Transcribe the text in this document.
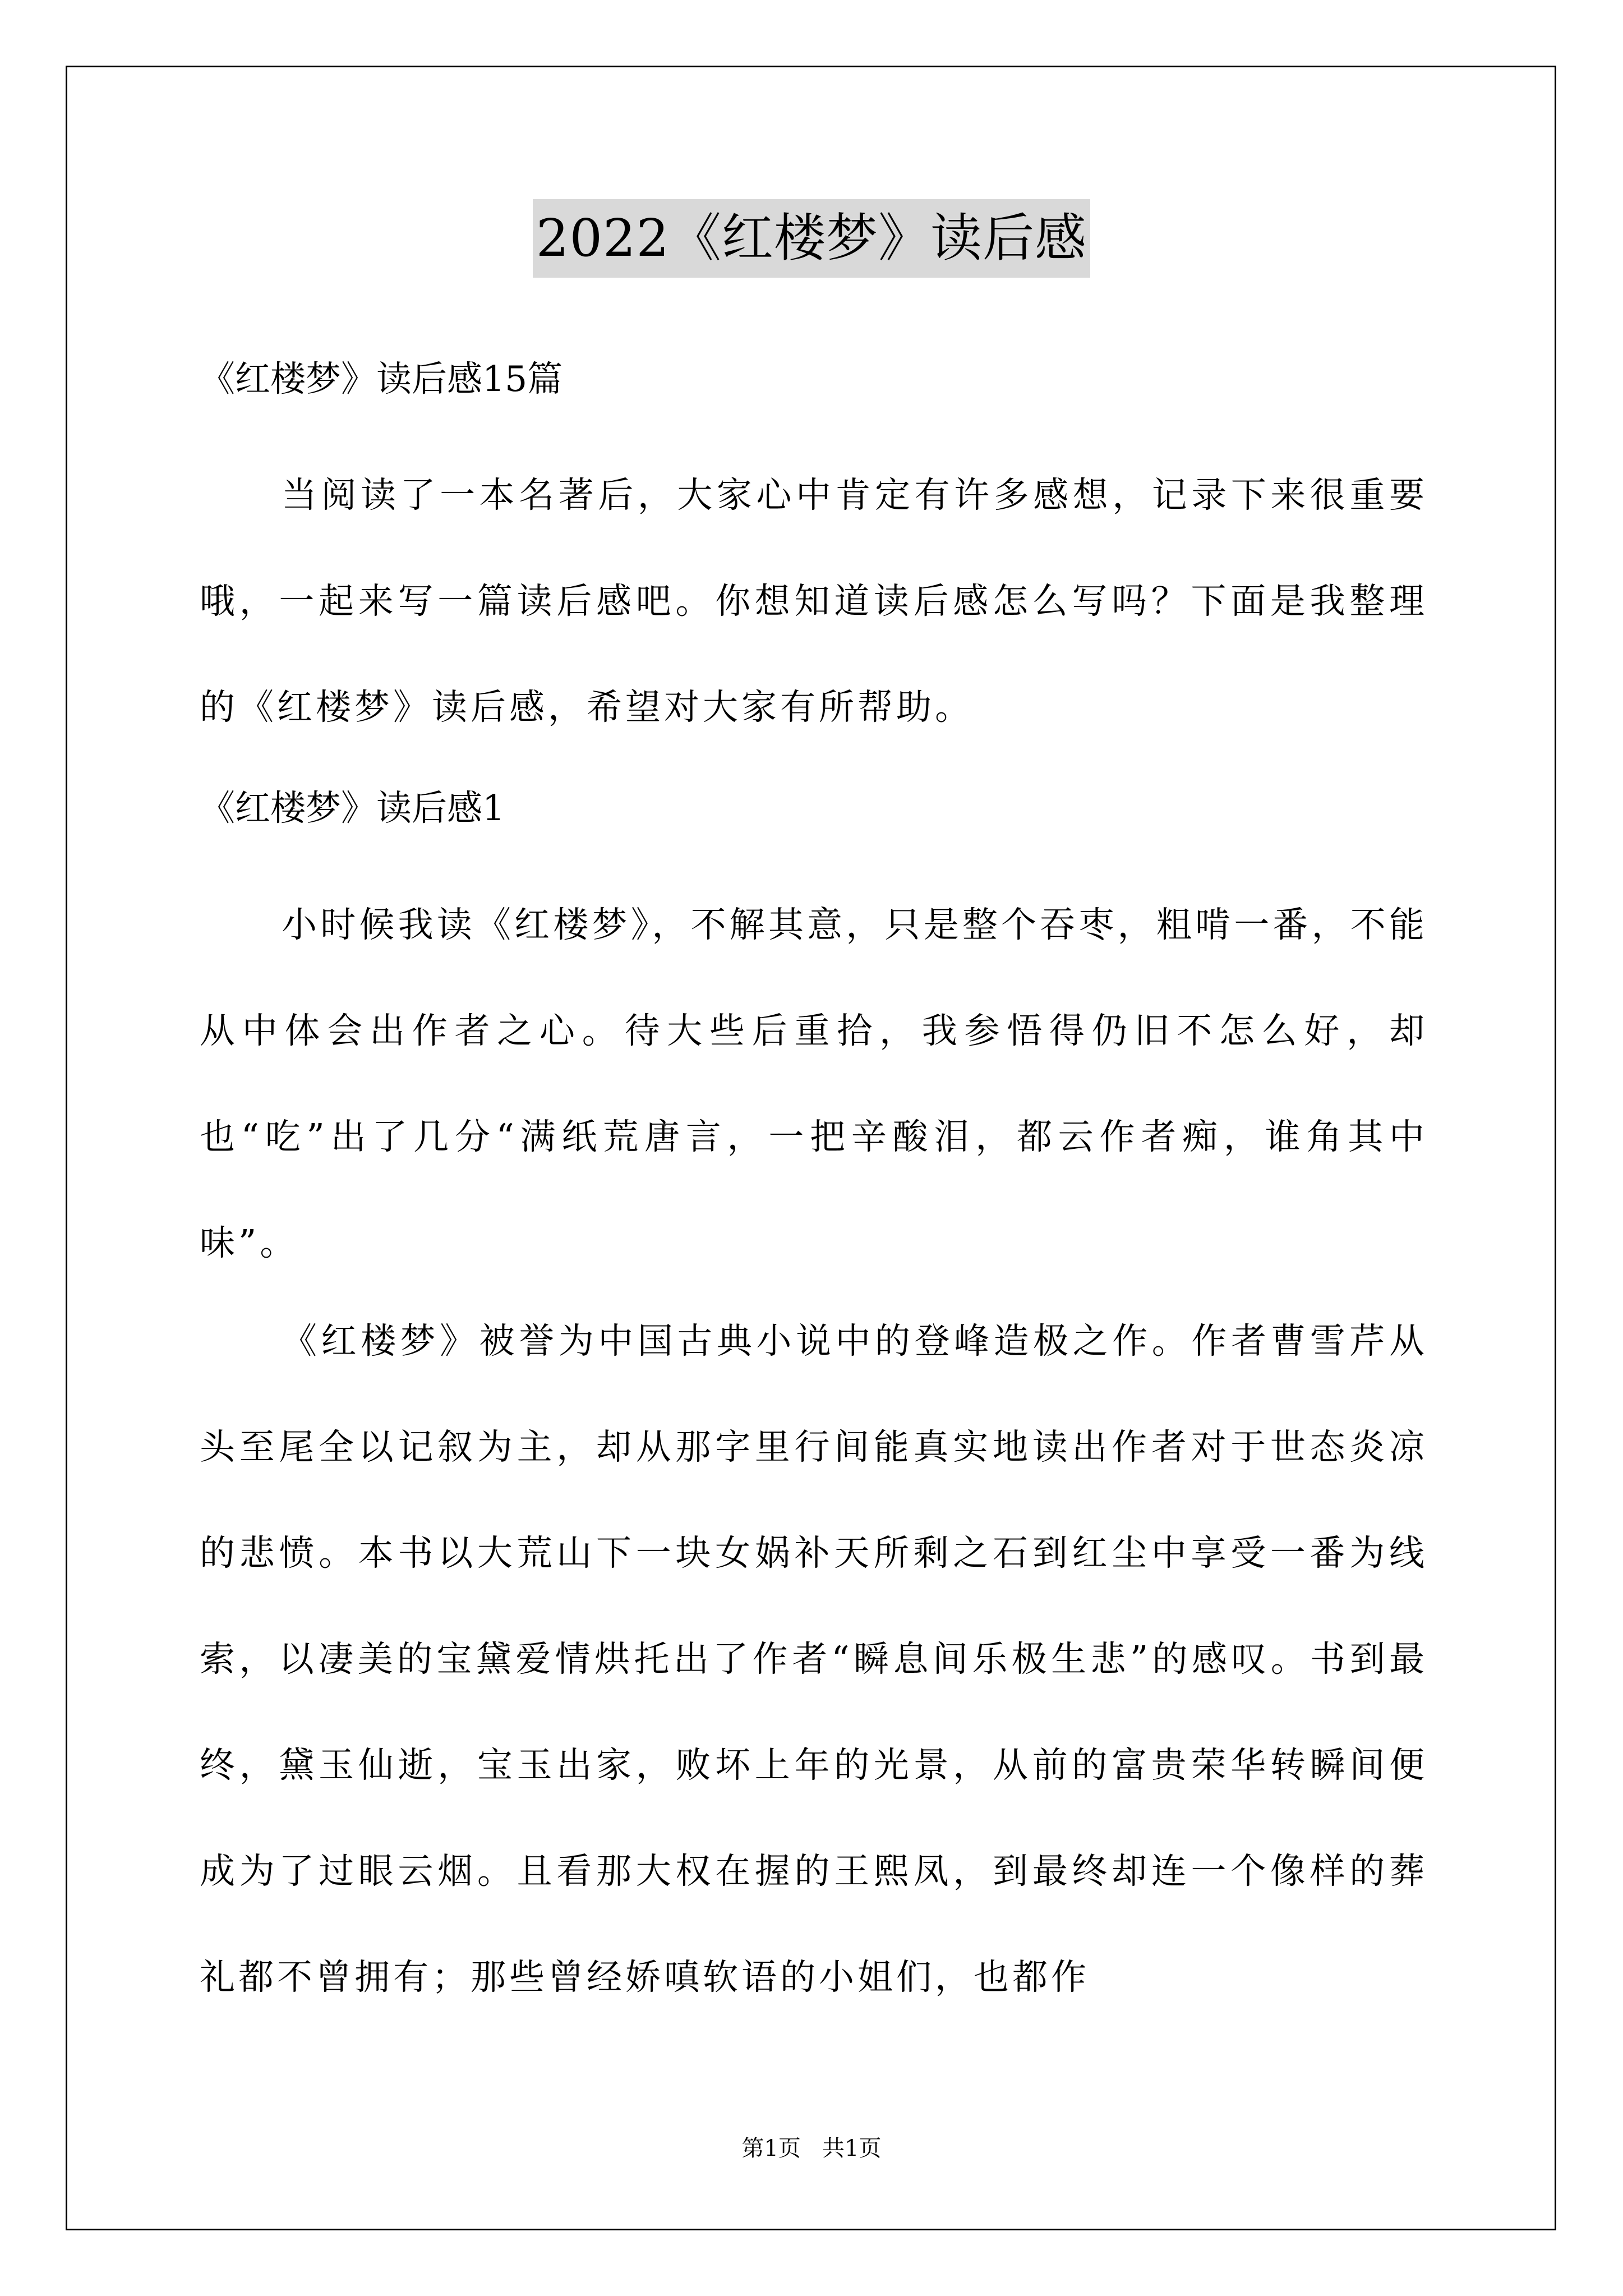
2022《红楼梦》读后感
《红楼梦》读后感15篇
当阅读了一本名著后，大家心中肯定有许多感想，记录下来很重要哦，一起来写一篇读后感吧。你想知道读后感怎么写吗？下面是我整理的《红楼梦》读后感，希望对大家有所帮助。
《红楼梦》读后感1
小时候我读《红楼梦》，不解其意，只是整个吞枣，粗啃一番，不能从中体会出作者之心。待大些后重拾，我参悟得仍旧不怎么好，却也“吃”出了几分“满纸荒唐言，一把辛酸泪，都云作者痴，谁角其中味”。
《红楼梦》被誉为中国古典小说中的登峰造极之作。作者曹雪芹从头至尾全以记叙为主，却从那字里行间能真实地读出作者对于世态炎凉的悲愤。本书以大荒山下一块女娲补天所剩之石到红尘中享受一番为线索，以凄美的宝黛爱情烘托出了作者“瞬息间乐极生悲”的感叹。书到最终，黛玉仙逝，宝玉出家，败坏上年的光景，从前的富贵荣华转瞬间便成为了过眼云烟。且看那大权在握的王熙凤，到最终却连一个像样的葬礼都不曾拥有；那些曾经娇嗔软语的小姐们，也都作
第1页   共1页
